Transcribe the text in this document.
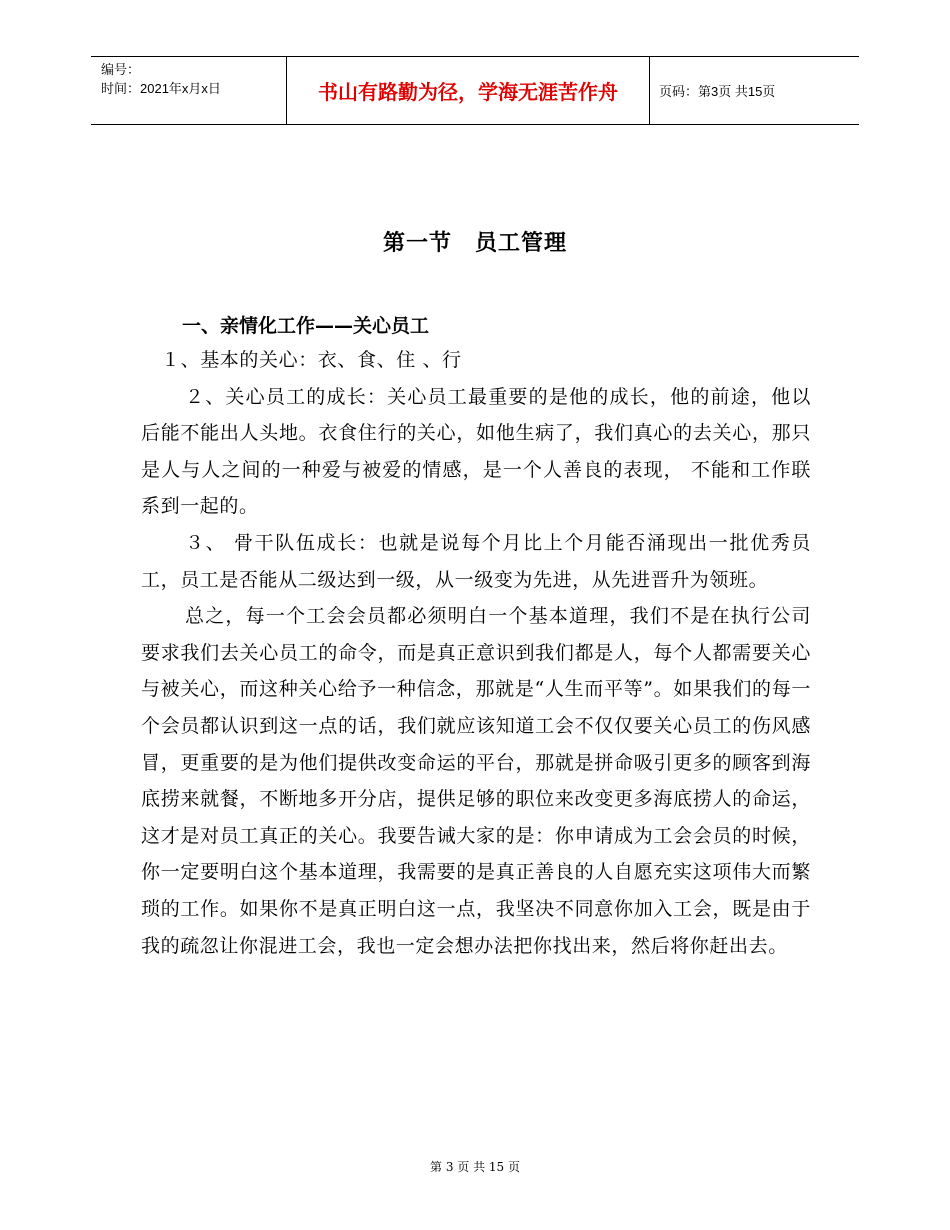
编号：
时间：2021年x月x日	书山有路勤为径，学海无涯苦作舟	页码：第3页 共15页
第一节　员工管理
一、亲情化工作——关心员工

１、基本的关心：衣、食、住 、行

２、关心员工的成长：关心员工最重要的是他的成长，他的前途，他以后能不能出人头地。衣食住行的关心，如他生病了，我们真心的去关心，那只是人与人之间的一种爱与被爱的情感，是一个人善良的表现， 不能和工作联系到一起的。

３、 骨干队伍成长：也就是说每个月比上个月能否涌现出一批优秀员工，员工是否能从二级达到一级，从一级变为先进，从先进晋升为领班。

总之，每一个工会会员都必须明白一个基本道理，我们不是在执行公司要求我们去关心员工的命令，而是真正意识到我们都是人，每个人都需要关心与被关心，而这种关心给予一种信念，那就是“人生而平等”。如果我们的每一个会员都认识到这一点的话，我们就应该知道工会不仅仅要关心员工的伤风感冒，更重要的是为他们提供改变命运的平台，那就是拼命吸引更多的顾客到海底捞来就餐，不断地多开分店，提供足够的职位来改变更多海底捞人的命运，这才是对员工真正的关心。我要告诫大家的是：你申请成为工会会员的时候，你一定要明白这个基本道理，我需要的是真正善良的人自愿充实这项伟大而繁琐的工作。如果你不是真正明白这一点，我坚决不同意你加入工会，既是由于我的疏忽让你混进工会，我也一定会想办法把你找出来，然后将你赶出去。

第 3 页 共 15 页
